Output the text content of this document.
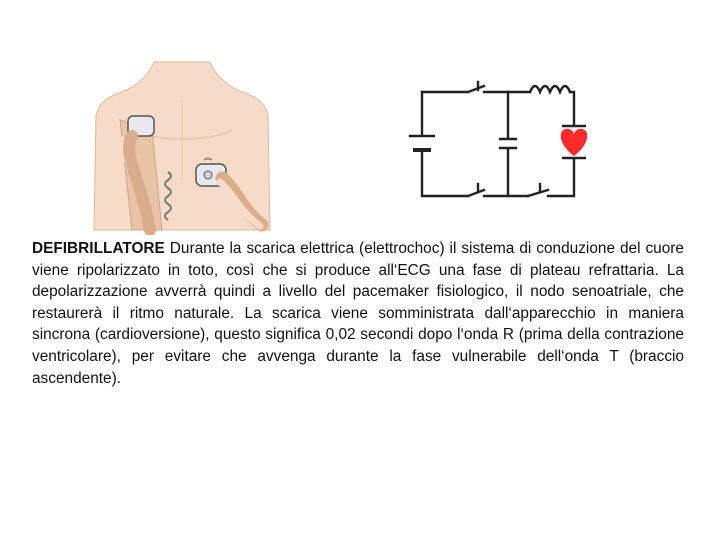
DEFIBRILLATORE Durante la scarica elettrica (elettrochoc) il sistema di conduzione del cuore viene ripolarizzato in toto, così che si produce all‘ECG una fase di plateau refrattaria. La depolarizzazione avverrà quindi a livello del pacemaker fisiologico, il nodo senoatriale, che restaurerà il ritmo naturale. La scarica viene somministrata dall‘apparecchio in maniera sincrona (cardioversione), questo significa 0,02 secondi dopo l‘onda R (prima della contrazione ventricolare), per evitare che avvenga durante la fase vulnerabile dell‘onda T (braccio ascendente).
